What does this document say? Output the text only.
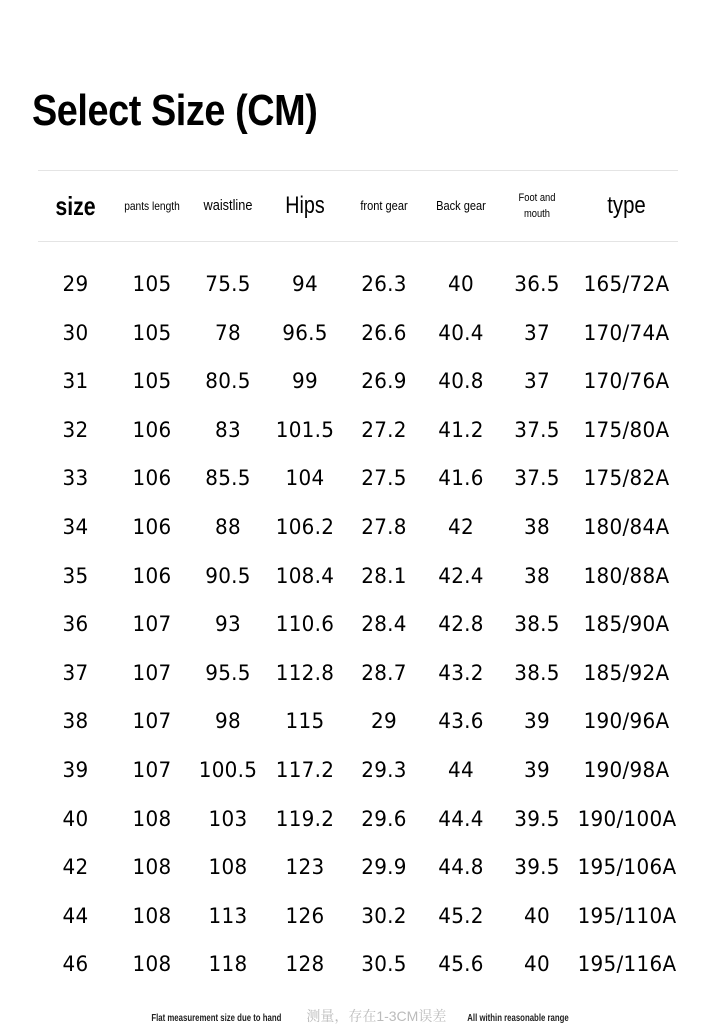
Select Size (CM)
size	pants length	waistline	Hips	front gear	Back gear	Foot and mouth	type
29	105	75.5	94	26.3	40	36.5	165/72A
30	105	78	96.5	26.6	40.4	37	170/74A
31	105	80.5	99	26.9	40.8	37	170/76A
32	106	83	101.5	27.2	41.2	37.5	175/80A
33	106	85.5	104	27.5	41.6	37.5	175/82A
34	106	88	106.2	27.8	42	38	180/84A
35	106	90.5	108.4	28.1	42.4	38	180/88A
36	107	93	110.6	28.4	42.8	38.5	185/90A
37	107	95.5	112.8	28.7	43.2	38.5	185/92A
38	107	98	115	29	43.6	39	190/96A
39	107	100.5 117.2	29.3	44	39	190/98A
40	108	103	119.2	29.6	44.4	39.5 190/100A
42	108	108	123	29.9	44.8	39.5 195/106A
44	108	113	126	30.2	45.2	40	195/110A
46	108	118	128	30.5	45.6	40	195/116A
Flat measurement size due to hand 测量，存在1-3CM误差 All within reasonable range
